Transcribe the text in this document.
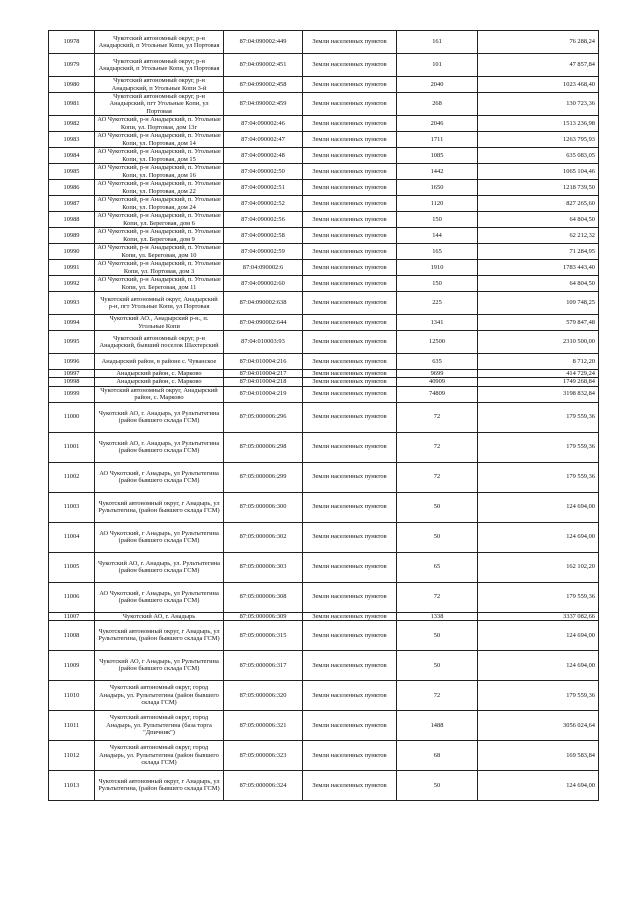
10978	Чукотский автономный округ, р-н Анадырский, п Угольные Копи, ул Портовая	87:04:090002:449	Земли населенных пунктов	161	76 288,24
10979	Чукотский автономный округ, р-н Анадырский, п Угольные Копи, ул Портовая	87:04:090002:451	Земли населенных пунктов	101	47 857,84
10980	Чукотский автономный округ, р-н Анадырский, п Угольные Копи 3-й	87:04:090002:458	Земли населенных пунктов	2040	1023 468,40
10981	Чукотский автономный округ, р-н Анадырский, пгт Угольные Копи, ул Портовая	87:04:090002:459	Земли населенных пунктов	268	130 723,36
10982	АО Чукотский, р-н Анадырский, п. Угольные Копи, ул. Портовая, дом 13г	87:04:090002:46	Земли населенных пунктов	2046	1513 236,98
10983	АО Чукотский, р-н Анадырский, п. Угольные Копи, ул. Портовая, дом 14	87:04:090002:47	Земли населенных пунктов	1711	1263 795,93
10984	АО Чукотский, р-н Анадырский, п. Угольные Копи, ул. Портовая, дом 15	87:04:090002:48	Земли населенных пунктов	1085	635 083,05
10985	АО Чукотский, р-н Анадырский, п. Угольные Копи, ул. Портовая, дом 16	87:04:090002:50	Земли населенных пунктов	1442	1065 104,46
10986	АО Чукотский, р-н Анадырский, п. Угольные Копи, ул. Портовая, дом 22	87:04:090002:51	Земли населенных пунктов	1650	1218 739,50
10987	АО Чукотский, р-н Анадырский, п. Угольные Копи, ул. Портовая, дом 24	87:04:090002:52	Земли населенных пунктов	1120	827 265,60
10988	АО Чукотский, р-н Анадырский, п. Угольные Копи, ул. Береговая, дом 6	87:04:090002:56	Земли населенных пунктов	150	64 804,50
10989	АО Чукотский, р-н Анадырский, п. Угольные Копи, ул. Береговая, дом 9	87:04:090002:58	Земли населенных пунктов	144	62 212,32
10990	АО Чукотский, р-н Анадырский, п. Угольные Копи, ул. Береговая, дом 10	87:04:090002:59	Земли населенных пунктов	165	71 284,95
10991	АО Чукотский, р-н Анадырский, п. Угольные Копи, ул. Портовая, дом 3	87:04:090002:6	Земли населенных пунктов	1910	1783 443,40
10992	АО Чукотский, р-н Анадырский, п. Угольные Копи, ул. Береговая, дом 11	87:04:090002:60	Земли населенных пунктов	150	64 804,50
10993	Чукотский автономный округ, Анадырский р-н, пгт Угольные Копи, ул Портовая	87:04:090002:638	Земли населенных пунктов	225	109 748,25
10994	Чукотский АО., Анадырский р-н., п. Угольные Копи	87:04:090002:644	Земли населенных пунктов	1341	579 847,48
10995	Чукотский автономный округ, р-н Анадырский, бывший поселок Шахтерский	87:04:010003:93	Земли населенных пунктов	12500	2310 500,00
10996	Анадырский район, в районе с. Чуванское	87:04:010004:216	Земли населенных пунктов	635	8 712,20
10997	Анадырский район, с. Марково	87:04:010004:217	Земли населенных пунктов	9699	414 729,24
10998	Анадырский район, с. Марково	87:04:010004:218	Земли населенных пунктов	40909	1749 268,84
10999	Чукотский автономный округ, Анадырский район, с. Марково	87:04:010004:219	Земли населенных пунктов	74809	3198 832,84
11000	Чукотский АО, г. Анадырь, ул Рультытегина (район бывшего склада ГСМ)	87:05:000006:296	Земли населенных пунктов	72	179 559,36
11001	Чукотский АО, г. Анадырь, ул Рультытегина (район бывшего склада ГСМ)	87:05:000006:298	Земли населенных пунктов	72	179 559,36
11002	АО Чукотский, г Анадырь, ул Рультытегина (район бывшего склада ГСМ)	87:05:000006:299	Земли населенных пунктов	72	179 559,36
11003	Чукотский автономный округ, г Анадырь, ул Рультытегина, (район бывшего склада ГСМ)	87:05:000006:300	Земли населенных пунктов	50	124 694,00
11004	АО Чукотский, г Анадырь, ул Рультытегина (район бывшего склада ГСМ)	87:05:000006:302	Земли населенных пунктов	50	124 694,00
11005	Чукотский АО, г. Анадырь, ул. Рультытегина (район бывшего склада ГСМ)	87:05:000006:303	Земли населенных пунктов	65	162 102,20
11006	АО Чукотский, г Анадырь, ул Рультытегина (район бывшего склада ГСМ)	87:05:000006:308	Земли населенных пунктов	72	179 559,36
11007	Чукотский АО, г. Анадырь	87:05:000006:309	Земли населенных пунктов	1338	3337 082,66
11008	Чукотский автономный округ, г Анадырь, ул Рультытегина, (район бывшего склада ГСМ)	87:05:000006:315	Земли населенных пунктов	50	124 694,00
11009	Чукотский АО, г Анадырь, ул Рультытегина (район бывшего склада ГСМ)	87:05:000006:317	Земли населенных пунктов	50	124 694,00
11010	Чукотский автономный округ, город Анадырь, ул. Рультытегина (район бывшего склада ГСМ)	87:05:000006:320	Земли населенных пунктов	72	179 559,36
11011	Чукотский автономный округ, город Анадырь, ул. Рультытегина (база торга "Дпичник")	87:05:000006:321	Земли населенных пунктов	1488	3056 024,64
11012	Чукотский автономный округ, город Анадырь, ул. Рультытегина (район бывшего склада ГСМ)	87:05:000006:323	Земли населенных пунктов	68	169 583,84
11013	Чукотский автономный округ, г Анадырь, ул Рультытегина, (район бывшего склада ГСМ)	87:05:000006:324	Земли населенных пунктов	50	124 694,00
